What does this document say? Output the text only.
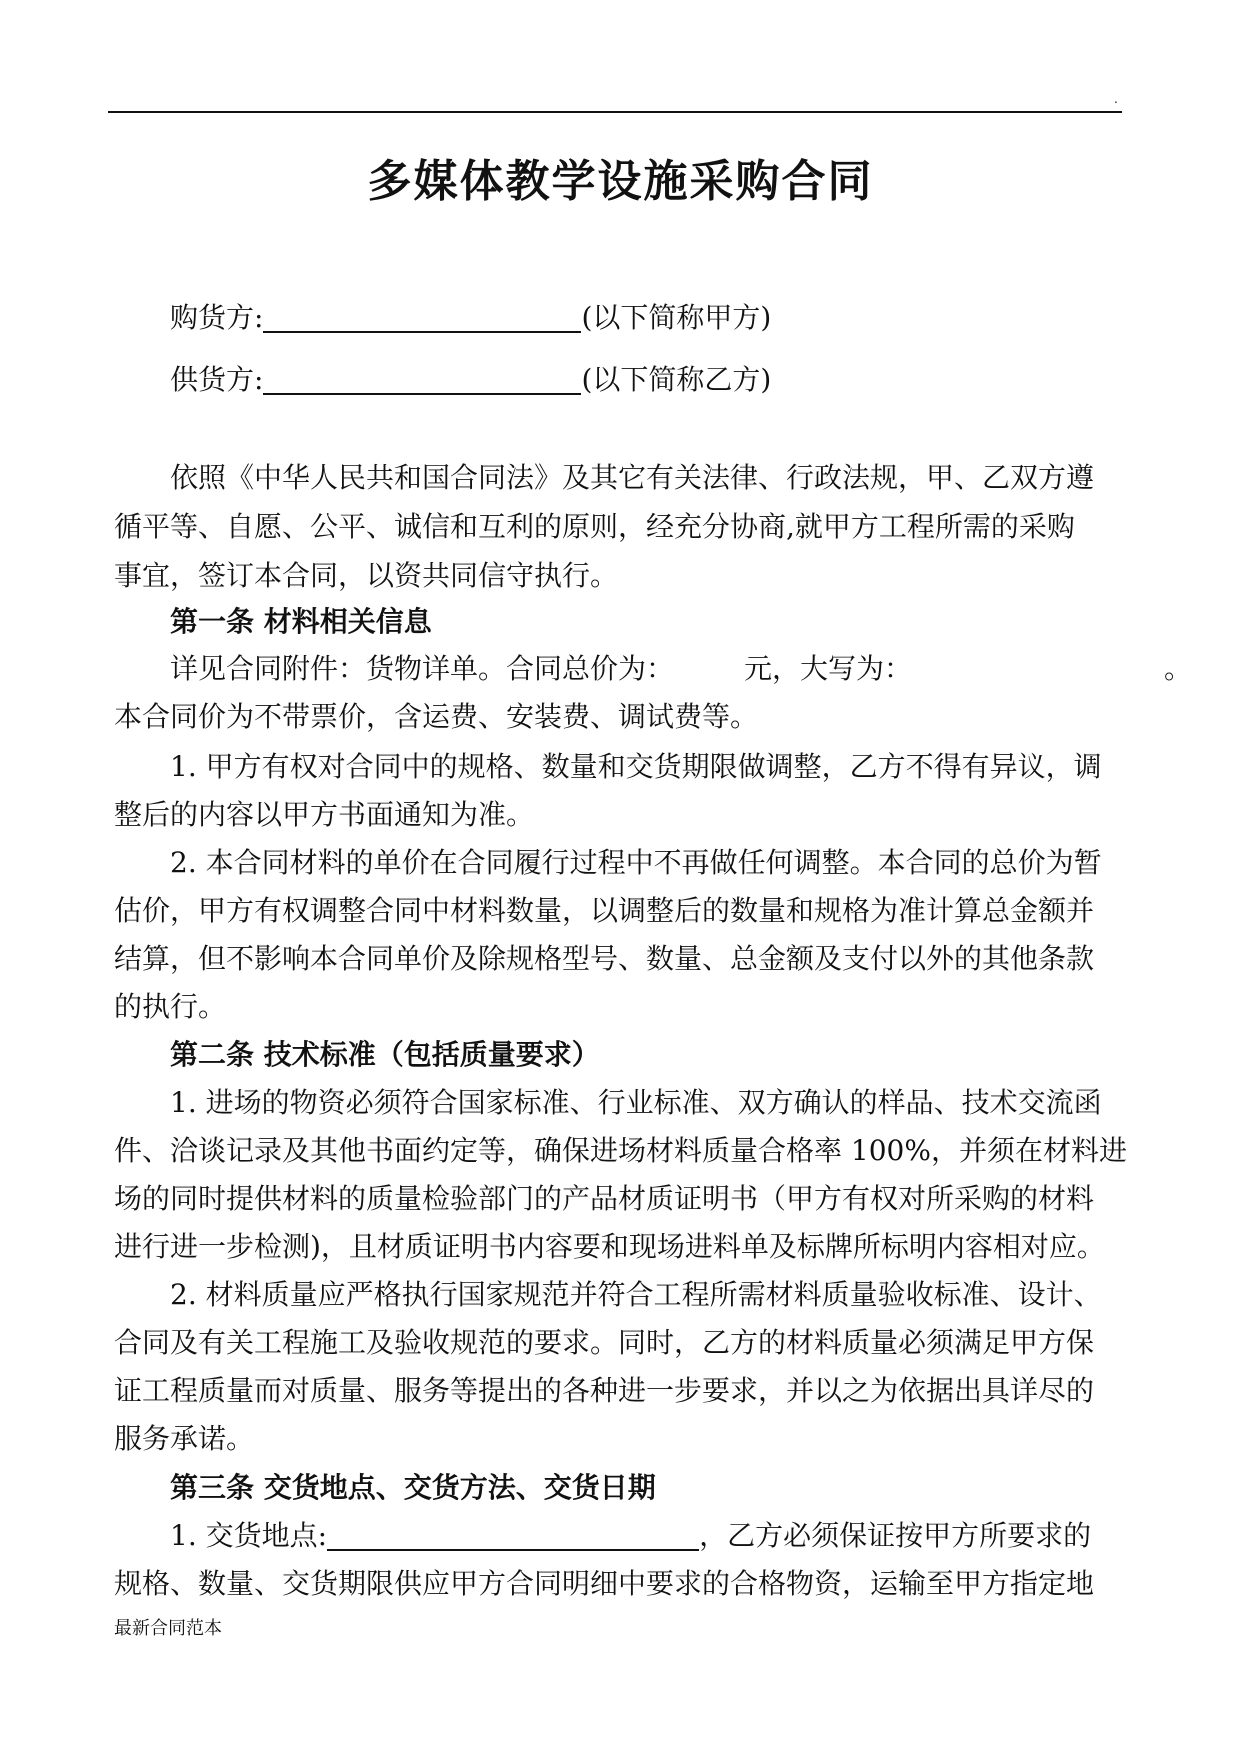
.
多媒体教学设施采购合同
购货方:	(以下简称甲方)
供货方:	(以下简称乙方)
依照《中华人民共和国合同法》及其它有关法律、行政法规，甲、乙双方遵
循平等、自愿、公平、诚信和互利的原则，经充分协商,就甲方工程所需的采购
事宜，签订本合同，以资共同信守执行。
第一条 材料相关信息
详见合同附件：货物详单。合同总价为：	元，大写为：	。
本合同价为不带票价，含运费、安装费、调试费等。
1. 甲方有权对合同中的规格、数量和交货期限做调整，乙方不得有异议，调
整后的内容以甲方书面通知为准。
2. 本合同材料的单价在合同履行过程中不再做任何调整。本合同的总价为暂
估价，甲方有权调整合同中材料数量，以调整后的数量和规格为准计算总金额并
结算，但不影响本合同单价及除规格型号、数量、总金额及支付以外的其他条款
的执行。
第二条 技术标准（包括质量要求）
1. 进场的物资必须符合国家标准、行业标准、双方确认的样品、技术交流函
件、洽谈记录及其他书面约定等，确保进场材料质量合格率 100%，并须在材料进
场的同时提供材料的质量检验部门的产品材质证明书（甲方有权对所采购的材料
进行进一步检测)，且材质证明书内容要和现场进料单及标牌所标明内容相对应。
2. 材料质量应严格执行国家规范并符合工程所需材料质量验收标准、设计、
合同及有关工程施工及验收规范的要求。同时，乙方的材料质量必须满足甲方保
证工程质量而对质量、服务等提出的各种进一步要求，并以之为依据出具详尽的
服务承诺。
第三条 交货地点、交货方法、交货日期
1. 交货地点:	，乙方必须保证按甲方所要求的
规格、数量、交货期限供应甲方合同明细中要求的合格物资，运输至甲方指定地
最新合同范本
